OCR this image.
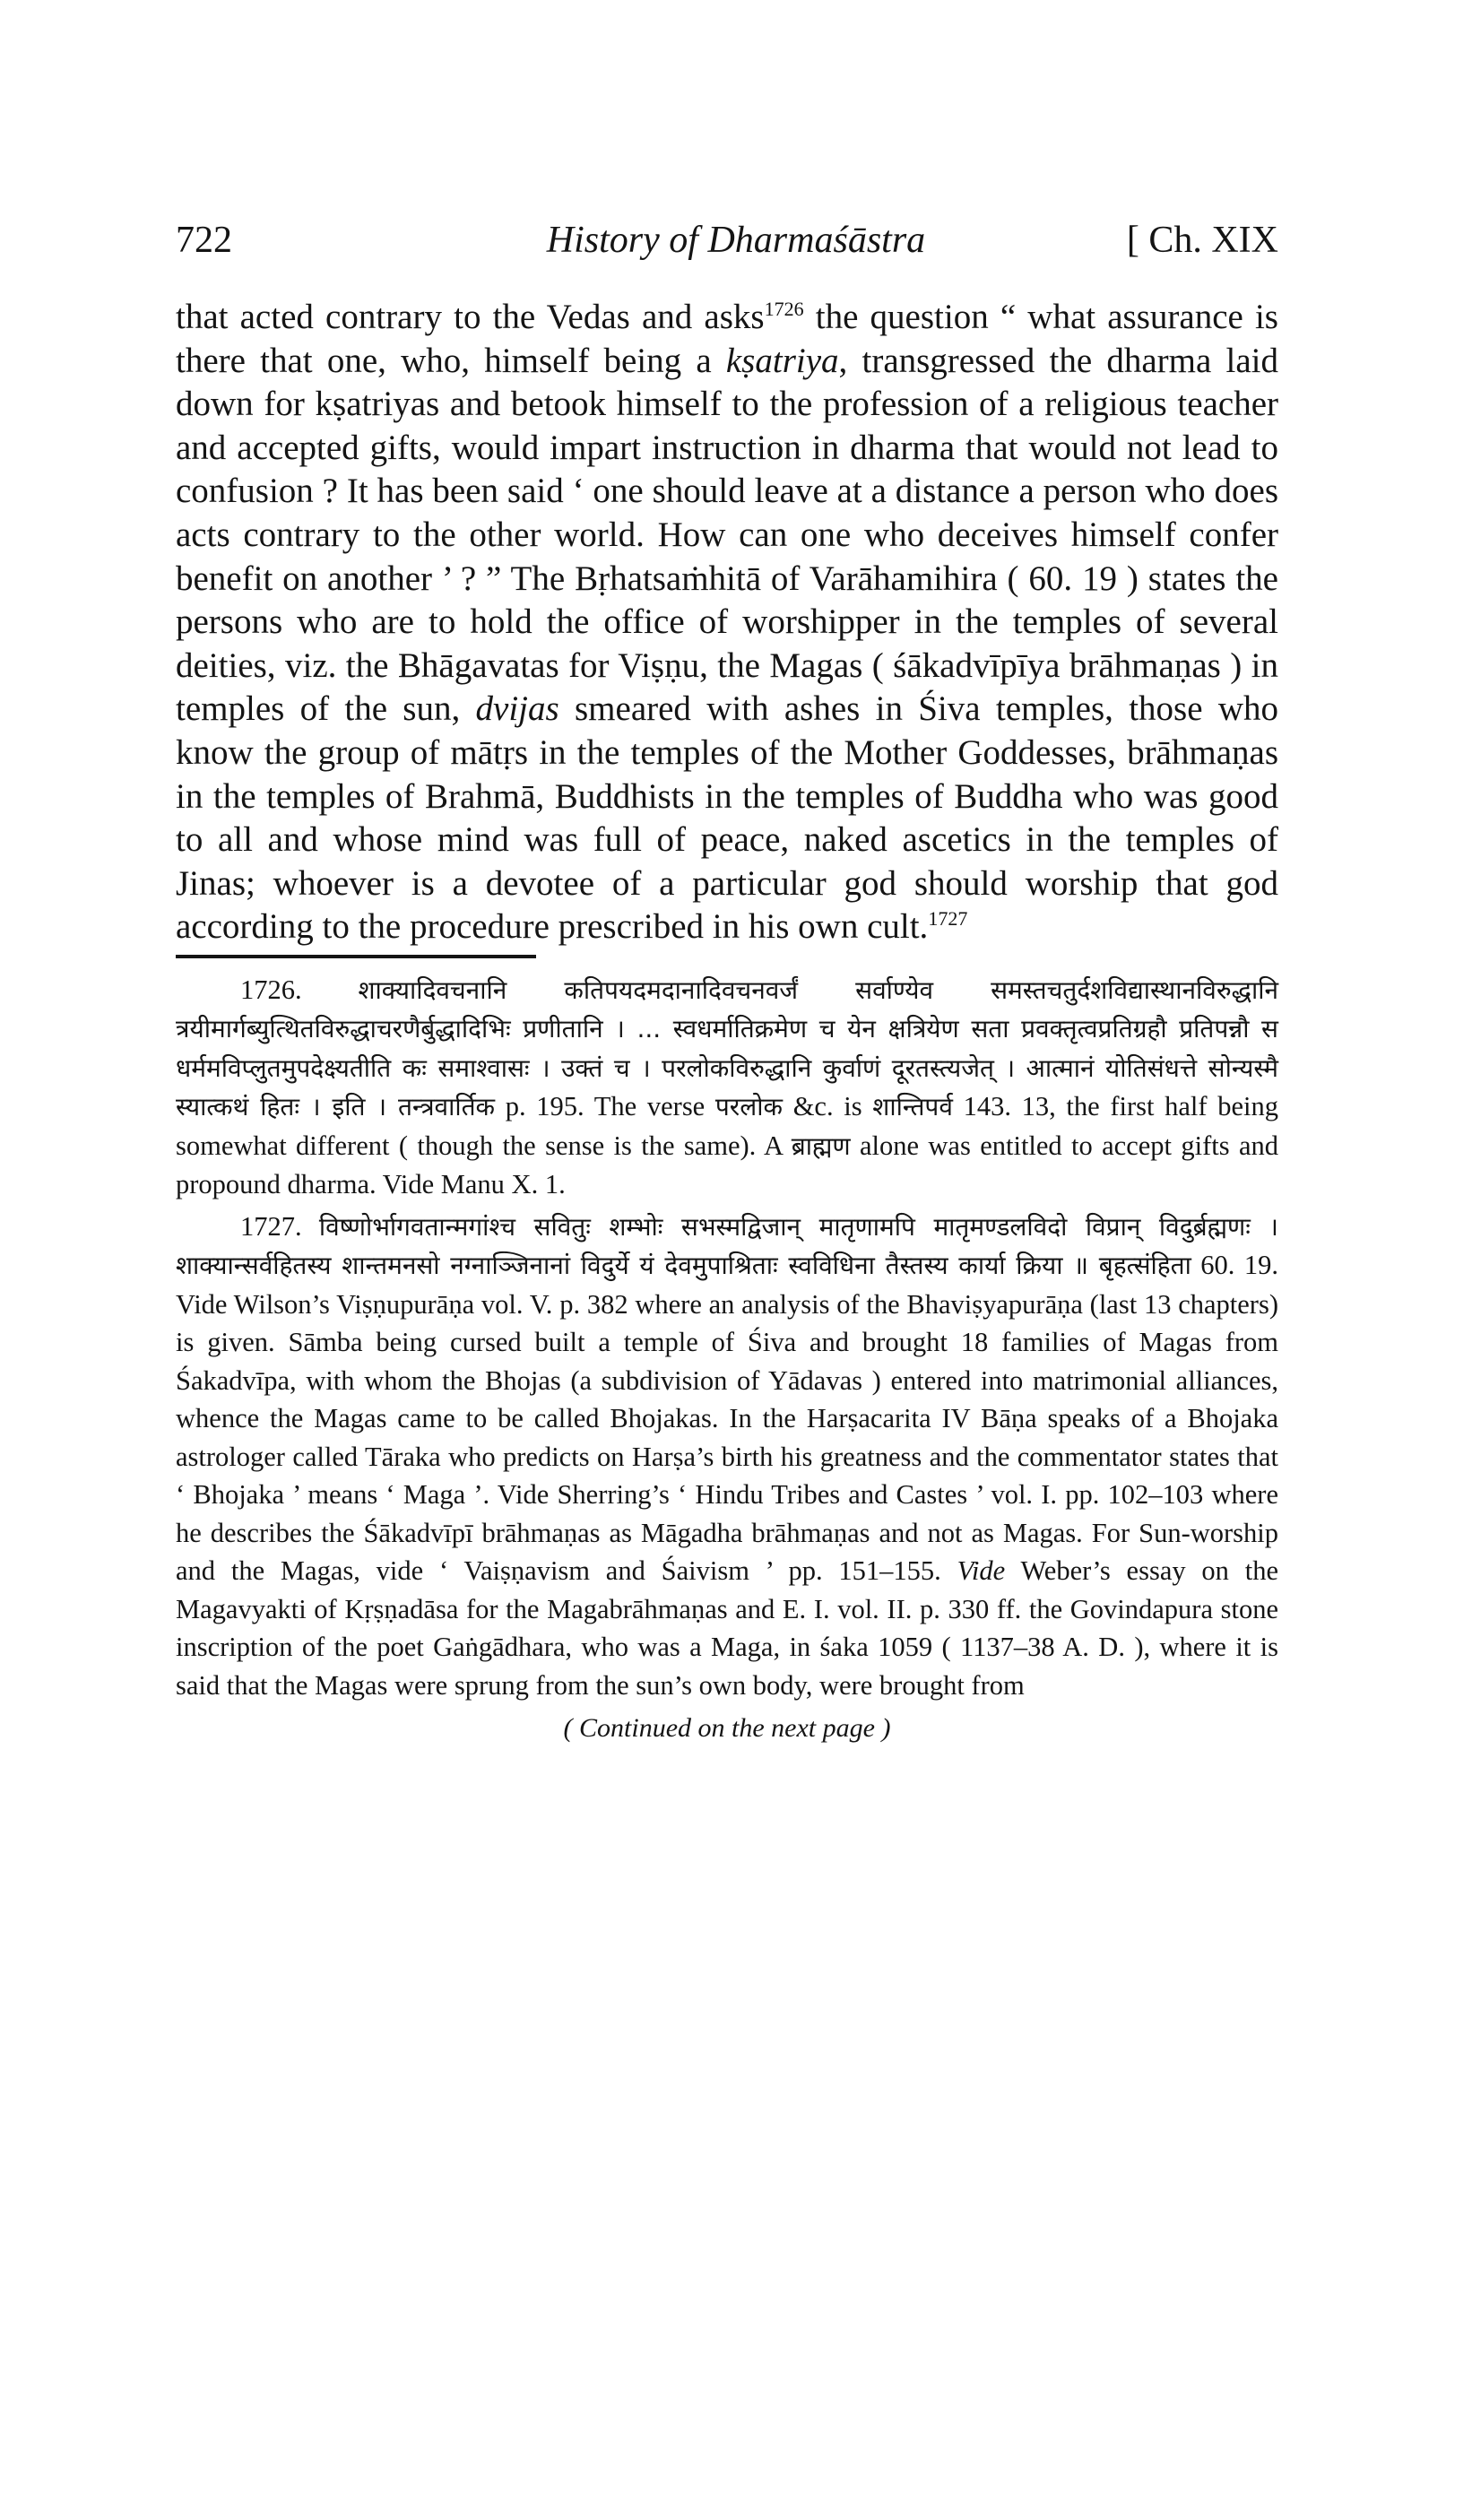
722	History of Dharmaśāstra	[ Ch. XIX

that acted contrary to the Vedas and asks$^{1726}$ the question “ what assurance is there that one, who, himself being a kṣatriya, transgressed the dharma laid down for kṣatriyas and betook himself to the profession of a religious teacher and accepted gifts, would impart instruction in dharma that would not lead to confusion ? It has been said ‘ one should leave at a distance a person who does acts contrary to the other world. How can one who deceives himself confer benefit on another ’ ? ” The Bṛhatsaṁhitā of Varāhamihira ( 60. 19 ) states the persons who are to hold the office of worshipper in the temples of several deities, viz. the Bhāgavatas for Viṣṇu, the Magas ( śākadvīpīya brāhmaṇas ) in temples of the sun, dvijas smeared with ashes in Śiva temples, those who know the group of mātṛs in the temples of the Mother Goddesses, brāhmaṇas in the temples of Brahmā, Buddhists in the temples of Buddha who was good to all and whose mind was full of peace, naked ascetics in the temples of Jinas; whoever is a devotee of a particular god should worship that god according to the procedure prescribed in his own cult.$^{1727}$

1726. शाक्यादिवचनानि कतिपयदमदानादिवचनवर्जं सर्वाण्येव समस्तचतुर्दशविद्यास्थानविरुद्धानि त्रयीमार्गब्युत्थितविरुद्धाचरणैर्बुद्धादिभिः प्रणीतानि । ... स्वधर्मातिक्रमेण च येन क्षत्रियेण सता प्रवक्तृत्वप्रतिग्रहौ प्रतिपन्नौ स धर्ममविप्लुतमुपदेक्ष्यतीति कः समाश्वासः । उक्तं च । परलोकविरुद्धानि कुर्वाणं दूरतस्त्यजेत् । आत्मानं योतिसंधत्ते सोन्यस्मै स्यात्कथं हितः । इति । तन्त्रवार्तिक p. 195. The verse परलोक &c. is शान्तिपर्व 143. 13, the first half being somewhat different ( though the sense is the same). A ब्राह्मण alone was entitled to accept gifts and propound dharma. Vide Manu X. 1.

1727. विष्णोर्भागवतान्मगांश्च सवितुः शम्भोः सभस्मद्विजान् मातृणामपि मातृमण्डलविदो विप्रान् विदुर्ब्रह्मणः । शाक्यान्सर्वहितस्य शान्तमनसो नग्नाञ्जिनानां विदुर्ये यं देवमुपाश्रिताः स्वविधिना तैस्तस्य कार्या क्रिया ॥ बृहत्संहिता 60. 19. Vide Wilson’s Viṣṇupurāṇa vol. V. p. 382 where an analysis of the Bhaviṣyapurāṇa (last 13 chapters) is given. Sāmba being cursed built a temple of Śiva and brought 18 families of Magas from Śakadvīpa, with whom the Bhojas (a subdivision of Yādavas ) entered into matrimonial alliances, whence the Magas came to be called Bhojakas. In the Harṣacarita IV Bāṇa speaks of a Bhojaka astrologer called Tāraka who predicts on Harṣa’s birth his greatness and the commentator states that ‘ Bhojaka ’ means ‘ Maga ’. Vide Sherring’s ‘ Hindu Tribes and Castes ’ vol. I. pp. 102–103 where he describes the Śākadvīpī brāhmaṇas as Māgadha brāhmaṇas and not as Magas. For Sun-worship and the Magas, vide ‘ Vaiṣṇavism and Śaivism ’ pp. 151–155. Vide Weber’s essay on the Magavyakti of Kṛṣṇadāsa for the Magabrāhmaṇas and E. I. vol. II. p. 330 ff. the Govindapura stone inscription of the poet Gaṅgādhara, who was a Maga, in śaka 1059 ( 1137–38 A. D. ), where it is said that the Magas were sprung from the sun’s own body, were brought from

( Continued on the next page )
